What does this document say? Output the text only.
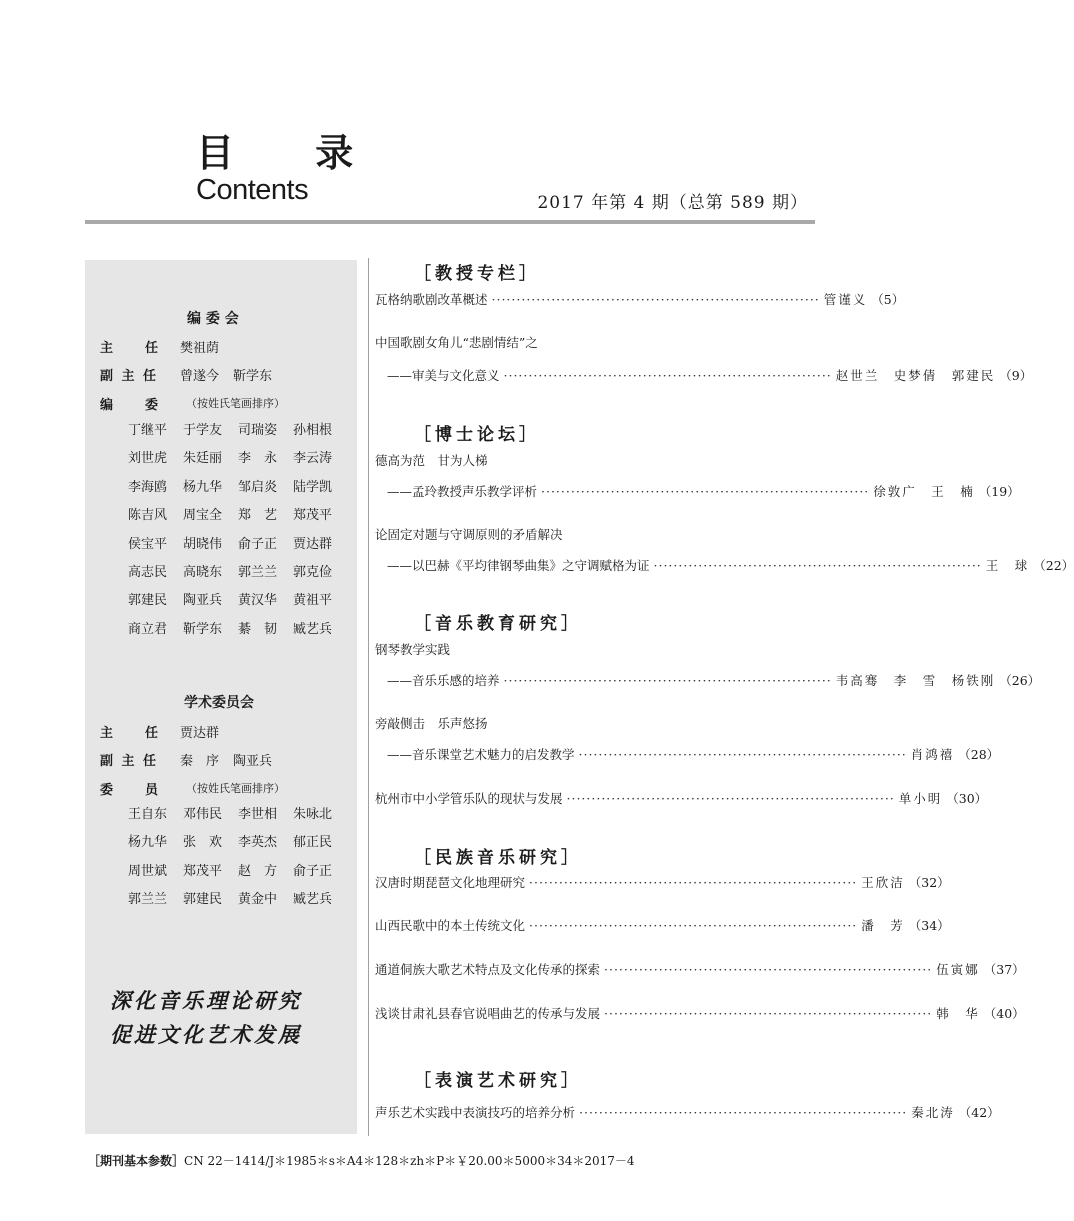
目 录
Contents	2017 年第 4 期（总第 589 期）
编 委 会
主　　任 樊祖荫
副 主 任 曾遂今 靳学东
编　　委 （按姓氏笔画排序）
丁继平	于学友	司瑞姿	孙相根
刘世虎	朱廷丽	李　永	李云涛
李海鸥	杨九华	邹启炎	陆学凯
陈吉风	周宝全	郑　艺	郑茂平
侯宝平	胡晓伟	俞子正	贾达群
高志民	高晓东	郭兰兰	郭克俭
郭建民	陶亚兵	黄汉华	黄祖平
商立君	靳学东	綦　韧	臧艺兵
学术委员会
主　　任 贾达群
副 主 任 秦　序 陶亚兵
委　　员 （按姓氏笔画排序）
王自东	邓伟民	李世相	朱咏北
杨九华	张　欢	李英杰	郁正民
周世斌	郑茂平	赵　方	俞子正
郭兰兰	郭建民	黄金中	臧艺兵
深化音乐理论研究
促进文化艺术发展
［教授专栏］
瓦格纳歌剧改革概述 ·································································· 管谨义 （5）
中国歌剧女角儿“悲剧情结”之
——审美与文化意义 ·································································· 赵世兰　史梦倩　郭建民 （9）
［博士论坛］
德高为范　甘为人梯
——孟玲教授声乐教学评析 ·································································· 徐敦广　王　楠 （19）
论固定对题与守调原则的矛盾解决
——以巴赫《平均律钢琴曲集》之守调赋格为证 ·································································· 王　球 （22）
［音乐教育研究］
钢琴教学实践
——音乐乐感的培养 ·································································· 韦高骞　李　雪　杨铁刚 （26）
旁敲侧击　乐声悠扬
——音乐课堂艺术魅力的启发教学 ·································································· 肖鸿禧 （28）
杭州市中小学管乐队的现状与发展 ·································································· 单小明 （30）
［民族音乐研究］
汉唐时期琵琶文化地理研究 ·································································· 王欣洁 （32）
山西民歌中的本土传统文化 ·································································· 潘　芳 （34）
通道侗族大歌艺术特点及文化传承的探索 ·································································· 伍寅娜 （37）
浅谈甘肃礼县春官说唱曲艺的传承与发展 ·································································· 韩　华 （40）
［表演艺术研究］
声乐艺术实践中表演技巧的培养分析 ·································································· 秦北涛 （42）
［期刊基本参数］CN 22－1414/J＊1985＊s＊A4＊128＊zh＊P＊￥20.00＊5000＊34＊2017－4
